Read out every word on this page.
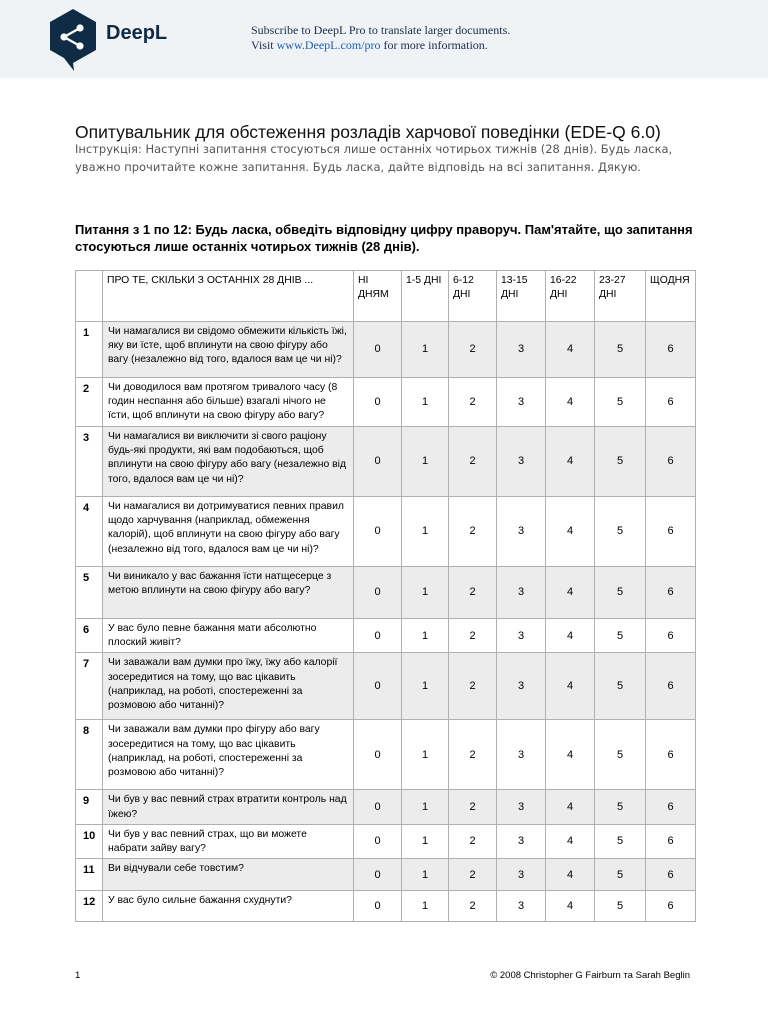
DeepL	Subscribe to DeepL Pro to translate larger documents.
Visit www.DeepL.com/pro for more information.
Опитувальник для обстеження розладів харчової поведінки (EDE-Q 6.0)
Інструкція: Наступні запитання стосуються лише останніх чотирьох тижнів (28 днів). Будь ласка, уважно прочитайте кожне запитання. Будь ласка, дайте відповідь на всі запитання. Дякую.
Питання з 1 по 12: Будь ласка, обведіть відповідну цифру праворуч. Пам'ятайте, що запитання стосуються лише останніх чотирьох тижнів (28 днів).
	ПРО ТЕ, СКІЛЬКИ З ОСТАННІХ 28 ДНІВ ...	НІ ДНЯМ	1-5 ДНІ	6-12 ДНІ	13-15 ДНІ	16-22 ДНІ	23-27 ДНІ	ЩОДНЯ
1	Чи намагалися ви свідомо обмежити кількість їжі, яку ви їсте, щоб вплинути на свою фігуру або вагу (незалежно від того, вдалося вам це чи ні)?	0	1	2	3	4	5	6
2	Чи доводилося вам протягом тривалого часу (8 годин неспання або більше) взагалі нічого не їсти, щоб вплинути на свою фігуру або вагу?	0	1	2	3	4	5	6
3	Чи намагалися ви виключити зі свого раціону будь-які продукти, які вам подобаються, щоб вплинути на свою фігуру або вагу (незалежно від того, вдалося вам це чи ні)?	0	1	2	3	4	5	6
4	Чи намагалися ви дотримуватися певних правил щодо харчування (наприклад, обмеження калорій), щоб вплинути на свою фігуру або вагу (незалежно від того, вдалося вам це чи ні)?	0	1	2	3	4	5	6
5	Чи виникало у вас бажання їсти натщесерце з метою вплинути на свою фігуру або вагу?	0	1	2	3	4	5	6
6	У вас було певне бажання мати абсолютно плоский живіт?	0	1	2	3	4	5	6
7	Чи заважали вам думки про їжу, їжу або калорії зосередитися на тому, що вас цікавить (наприклад, на роботі, спостереженні за розмовою або читанні)?	0	1	2	3	4	5	6
8	Чи заважали вам думки про фігуру або вагу зосередитися на тому, що вас цікавить (наприклад, на роботі, спостереженні за розмовою або читанні)?	0	1	2	3	4	5	6
9	Чи був у вас певний страх втратити контроль над їжею?	0	1	2	3	4	5	6
10	Чи був у вас певний страх, що ви можете набрати зайву вагу?	0	1	2	3	4	5	6
11	Ви відчували себе товстим?	0	1	2	3	4	5	6
12	У вас було сильне бажання схуднути?	0	1	2	3	4	5	6
1	© 2008 Christopher G Fairburn та Sarah Beglin
